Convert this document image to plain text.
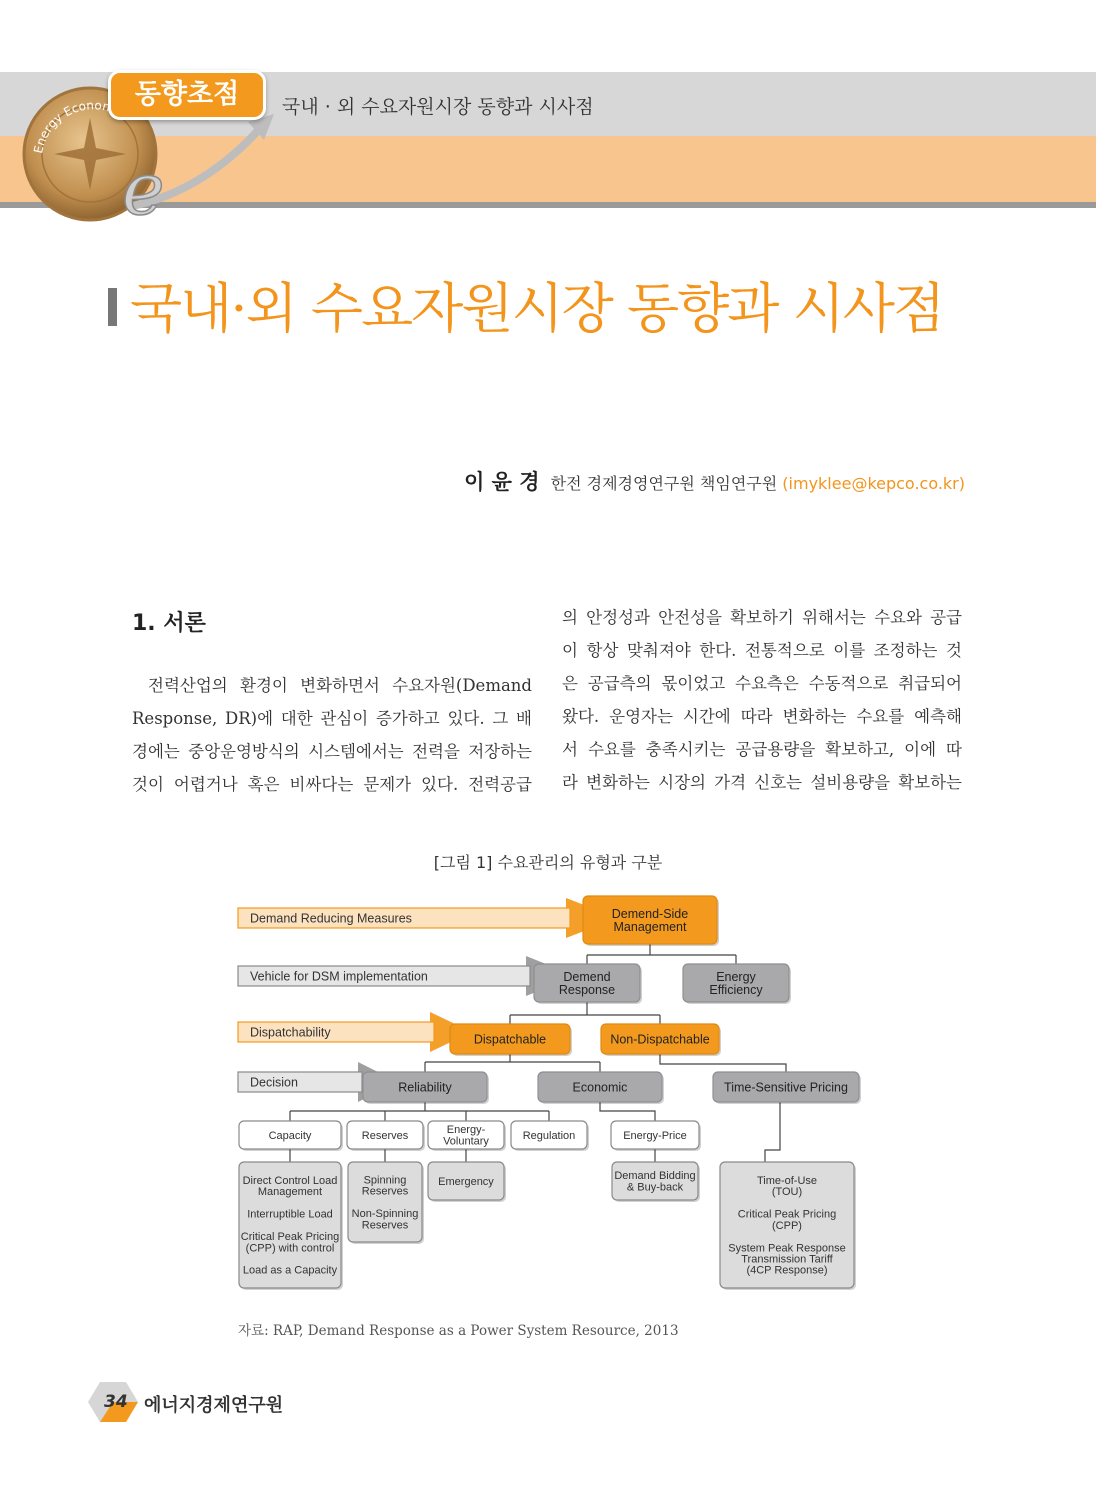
Energy Econo
e
동향초점	국내 · 외 수요자원시장 동향과 시사점
국내·외 수요자원시장 동향과 시사점
이 윤 경 한전 경제경영연구원 책임연구원 (imyklee@kepco.co.kr)
1. 서론

전력산업의 환경이 변화하면서 수요자원(Demand

Response, DR)에 대한 관심이 증가하고 있다. 그 배

경에는 중앙운영방식의 시스템에서는 전력을 저장하는

것이 어렵거나 혹은 비싸다는 문제가 있다. 전력공급

의 안정성과 안전성을 확보하기 위해서는 수요와 공급

이 항상 맞춰져야 한다. 전통적으로 이를 조정하는 것

은 공급측의 몫이었고 수요측은 수동적으로 취급되어

왔다. 운영자는 시간에 따라 변화하는 수요를 예측해

서 수요를 충족시키는 공급용량을 확보하고, 이에 따

라 변화하는 시장의 가격 신호는 설비용량을 확보하는

[그림 1] 수요관리의 유형과 구분
Demand Reducing Measures
Vehicle for DSM implementation
Dispatchability
Decision
Demend-Side
Management
Demend
Response
Energy
Efficiency
Dispatchable	Non-Dispatchable
Reliability	Economic	Time-Sensitive Pricing
Capacity	Reserves	Energy-
Voluntary	Regulation	Energy-Price
Direct Control Load
Management
Interruptible Load
Critical Peak Pricing
(CPP) with control
Load as a Capacity
Spinning
Reserves
Non-Spinning
Reserves
Emergency	Demand Bidding
& Buy-back
Time-of-Use
(TOU)
Critical Peak Pricing
(CPP)
System Peak Response
Transmission Tariff
(4CP Response)
자료: RAP, Demand Response as a Power System Resource, 2013
34 에너지경제연구원
